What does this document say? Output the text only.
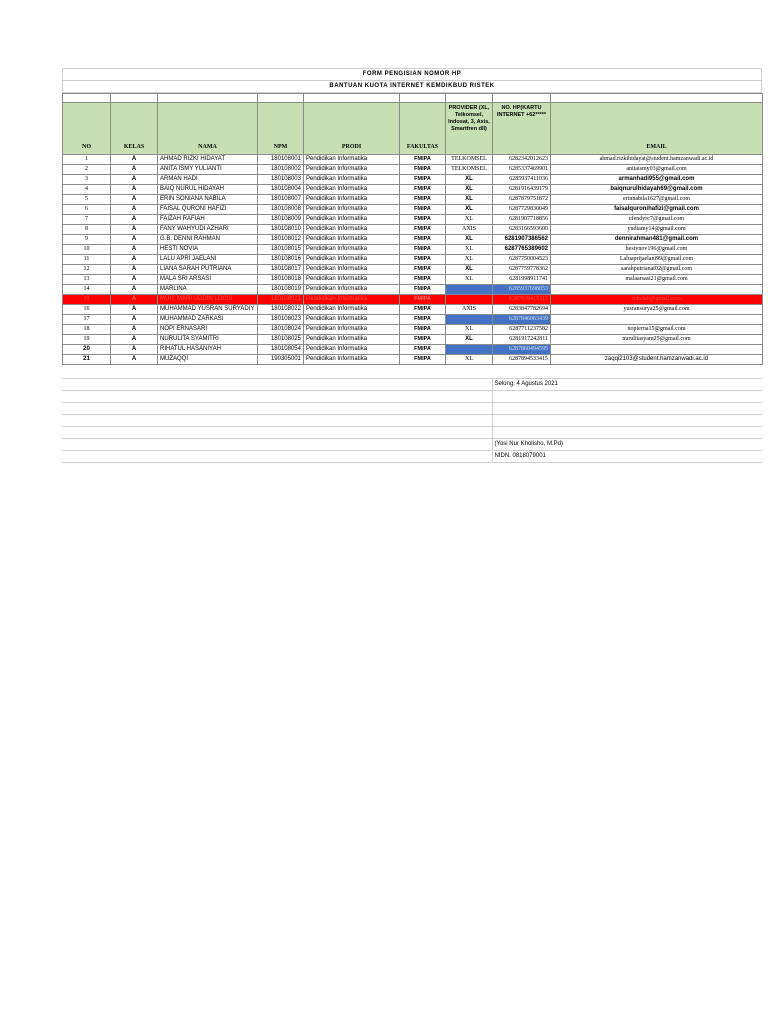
FORM PENGISIAN NOMOR HP
BANTUAN KUOTA INTERNET KEMDIKBUD RISTEK

NO	KELAS	NAMA	NPM	PRODI	FAKULTAS	PROVIDER (XL, Telkomsel, Indosat, 3, Axis, Smartfren dll)	NO. HP(KARTU INTERNET +62*****	EMAIL
1	A	AHMAD RIZKI HIDAYAT	180108001	Pendidikan Informatika	FMIPA	TELKOMSEL	6282342012623	ahmad.rizkihidayat@student.hamzanwadi.ac.id
2	A	ANITA ISMY YULIANTI	180108002	Pendidikan Informatika	FMIPA	TELKOMSEL	6285337469901	anitaismy03@gmail.com
3	A	ARMAN HADI	180108003	Pendidikan Informatika	FMIPA	XL	6285937411036	armanhadi955@gmail.com
4	A	BAIQ NURUL HIDAYAH	180108004	Pendidikan Informatika	FMIPA	XL	6281916439179	baiqnurulhidayah69@gmail.com
5	A	ERIN SONIANA NABILA	180108007	Pendidikan Informatika	FMIPA	XL	6287879751872	erinnabila1627@gmail.com
6	A	FAISAL QURONI HAFIZI	180108008	Pendidikan Informatika	FMIPA	XL	6287729830049	faisalquronihafizi@gmail.com
7	A	FAIZAH RAFIAH	180108009	Pendidikan Informatika	FMIPA	XL	6281907718856	efendyrc7@gmail.com
8	A	FANY WAHYUDI AZHARI	180108010	Pendidikan Informatika	FMIPA	AXIS	6283166593600	yudiamy14@gmail.com
9	A	G.B. DENNI RAHMAN	180108012	Pendidikan Informatika	FMIPA	XL	6281907386562	dennirahman481@gmail.com
10	A	HESTI NOVIA	180108015	Pendidikan Informatika	FMIPA	XL	6287765389602	hestynov196@gmail.com
11	A	LALU APRI JAELANI	180108016	Pendidikan Informatika	FMIPA	XL	6287750004523	Laluaprijaelani99@gmail.com
12	A	LIANA SARAH PUTRIANA	180108017	Pendidikan Informatika	FMIPA	XL	6287759778362	sarahputrianat02@gmail.com
13	A	MALA SRI ARSASI	180108018	Pendidikan Informatika	FMIPA	XL	6281998911741	malaarsasi21@gmail.com
14	A	MARLINA	180108019	Pendidikan Informatika	FMIPA		6285937698053	
15	A	MUH. MARI UDDIN LOCIS	180108021	Pendidikan Informatika	FMIPA		6287839415315	mbslub@gmail.com
16	A	MUHAMMAD YUSRAN SURYADIY	180108022	Pendidikan Informatika	FMIPA	AXIS	6283847782694	yusransurya25@gmail.com
17	A	MUHAMMAD ZARKASI	180108023	Pendidikan Informatika	FMIPA		6287846063439	
18	A	NOPI ERNASARI	180108024	Pendidikan Informatika	FMIPA	XL	6287711237582	nopierna15@gmail.com
19	A	NURULITA SYAMITRI	180108025	Pendidikan Informatika	FMIPA	XL	6281917242811	nurulitasyam25@gmail.com
20	A	RIHATUL HASANIYAH	180108054	Pendidikan Informatika	FMIPA		6287860494595	
21	A	MUZAQQI	190305001	Pendidikan Informatika	FMIPA	XL	6287894533415	zaqqi2103@student.hamzanwadi.ac.id

							Selong, 4 Agustus 2021	

							(Yosi Nur Kholisho, M.Pd)	
							NIDN. 0818079001	
